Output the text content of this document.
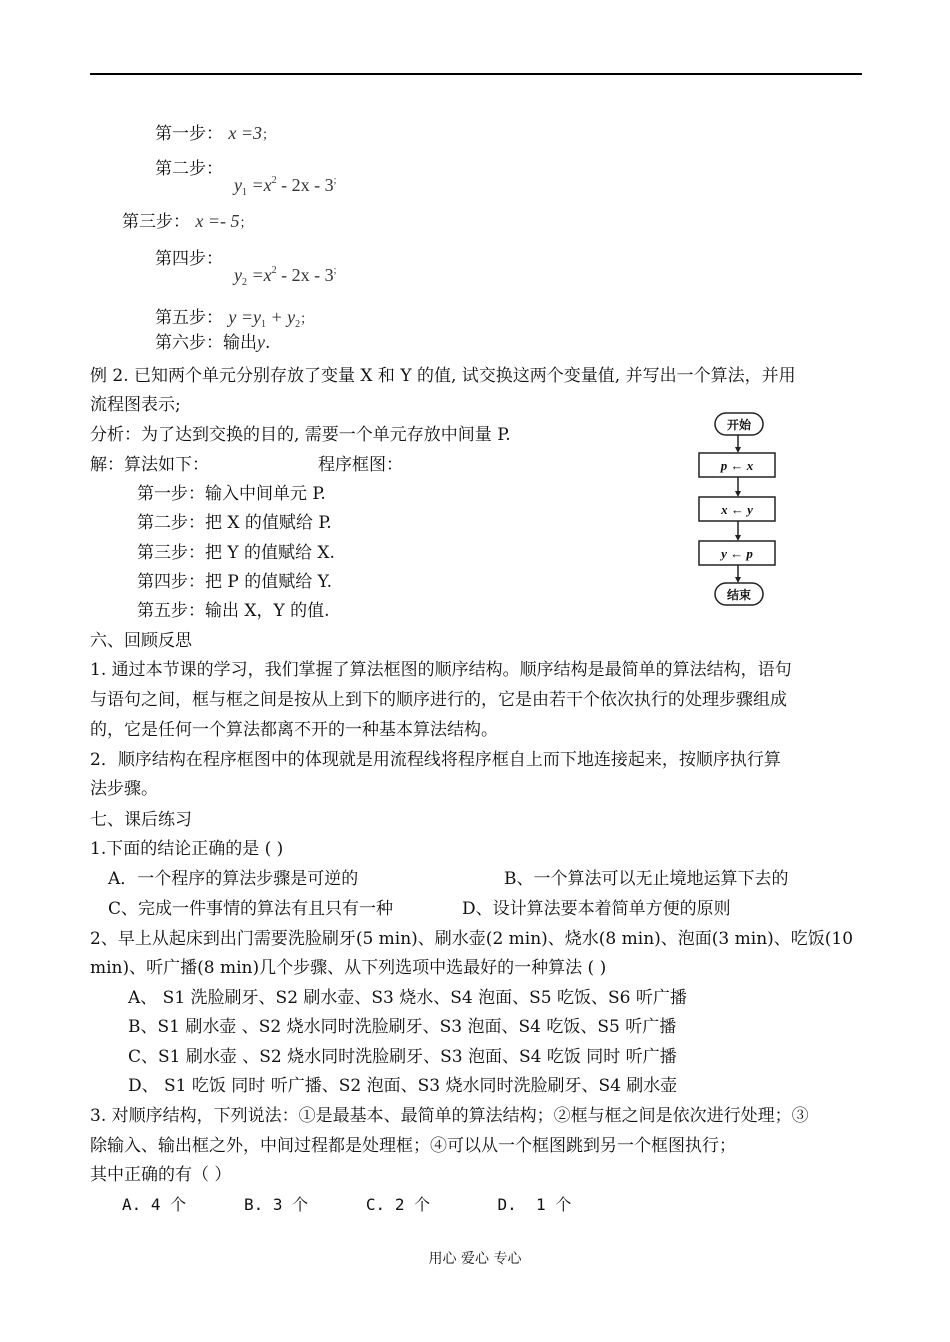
第一步： x =3；
第二步：
$y_1 =x^2 - 2x - 3^;$
第三步： x =- 5；
第四步：
$y_2 =x^2 - 2x - 3^;$
第五步： $y =y_1 + y_2$；
第六步：输出y.
例 2. 已知两个单元分别存放了变量 X 和 Y 的值, 试交换这两个变量值, 并写出一个算法，并用
流程图表示;
分析：为了达到交换的目的, 需要一个单元存放中间量 P.
解：算法如下：	程序框图：
第一步：输入中间单元 P.
第二步：把 X 的值赋给 P.
第三步：把 Y 的值赋给 X.
第四步：把 P 的值赋给 Y.
第五步：输出 X，Y 的值.
开始
p ← x
x ← y
y ← p
结束
六、回顾反思
1. 通过本节课的学习，我们掌握了算法框图的顺序结构。顺序结构是最简单的算法结构，语句
与语句之间，框与框之间是按从上到下的顺序进行的，它是由若干个依次执行的处理步骤组成
的，它是任何一个算法都离不开的一种基本算法结构。
2．顺序结构在程序框图中的体现就是用流程线将程序框自上而下地连接起来，按顺序执行算
法步骤。
七、课后练习
1.下面的结论正确的是 ( )
A．一个程序的算法步骤是可逆的	B、一个算法可以无止境地运算下去的
C、完成一件事情的算法有且只有一种	D、设计算法要本着简单方便的原则
2、早上从起床到出门需要洗脸刷牙(5 min)、刷水壶(2 min)、烧水(8 min)、泡面(3 min)、吃饭(10
min)、听广播(8 min)几个步骤、从下列选项中选最好的一种算法 ( )
A、 S1 洗脸刷牙、S2 刷水壶、S3 烧水、S4 泡面、S5 吃饭、S6 听广播
B、S1 刷水壶 、S2 烧水同时洗脸刷牙、S3 泡面、S4 吃饭、S5 听广播
C、S1 刷水壶 、S2 烧水同时洗脸刷牙、S3 泡面、S4 吃饭 同时 听广播
D、 S1 吃饭 同时 听广播、S2 泡面、S3 烧水同时洗脸刷牙、S4 刷水壶
3. 对顺序结构，下列说法：①是最基本、最简单的算法结构；②框与框之间是依次进行处理；③
除输入、输出框之外，中间过程都是处理框；④可以从一个框图跳到另一个框图执行；
其中正确的有（ ）
A. 4 个      B. 3 个      C. 2 个       D.  1 个
用心 爱心 专心
